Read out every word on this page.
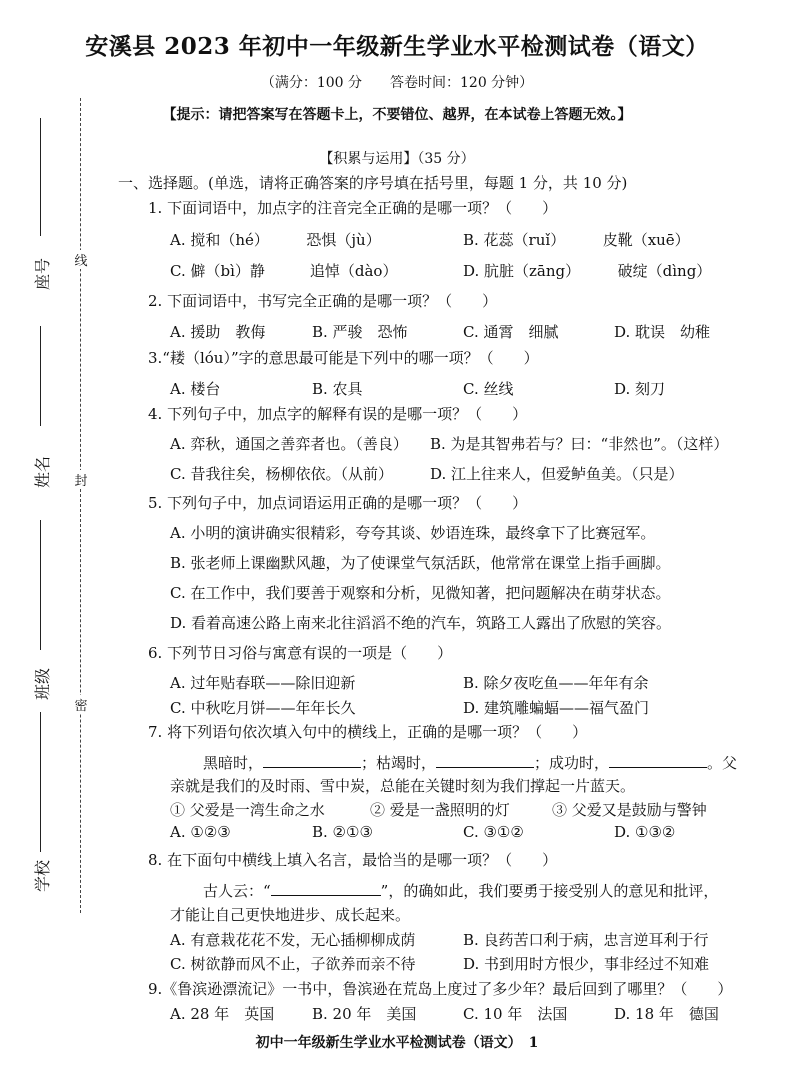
安溪县 2023 年初中一年级新生学业水平检测试卷（语文）
（满分：100 分　　答卷时间：120 分钟）
【提示：请把答案写在答题卡上，不要错位、越界，在本试卷上答题无效。】
线
封
密
座号
姓名
班级
学校
【积累与运用】（35 分）
一、选择题。(单选，请将正确答案的序号填在括号里，每题 1 分，共 10 分)
1. 下面词语中，加点字的注音完全正确的是哪一项？（　　）
A. 搅和（hé）　　　恐惧（jù）	B. 花蕊（ruǐ）　　　皮靴（xuē）
C. 僻（bì）静　　　追悼（dào）	D. 肮脏（zāng）　　　破绽（dìng）
2. 下面词语中，书写完全正确的是哪一项？（　　）
A. 援助　教侮	B. 严骏　恐怖	C. 通霄　细腻	D. 耽误　幼稚
3.“耧（lóu）”字的意思最可能是下列中的哪一项？（　　）
A. 楼台	B. 农具	C. 丝线	D. 刻刀
4. 下列句子中，加点字的解释有误的是哪一项？（　　）
A. 弈秋，通国之善弈者也。（善良） B. 为是其智弗若与？曰：“非然也”。（这样）
C. 昔我往矣，杨柳依依。（从前） D. 江上往来人，但爱鲈鱼美。（只是）
5. 下列句子中，加点词语运用正确的是哪一项？（　　）
A. 小明的演讲确实很精彩，夸夸其谈、妙语连珠，最终拿下了比赛冠军。
B. 张老师上课幽默风趣，为了使课堂气氛活跃，他常常在课堂上指手画脚。
C. 在工作中，我们要善于观察和分析，见微知著，把问题解决在萌芽状态。
D. 看着高速公路上南来北往滔滔不绝的汽车，筑路工人露出了欣慰的笑容。
6. 下列节日习俗与寓意有误的一项是（　　）
A. 过年贴春联——除旧迎新	B. 除夕夜吃鱼——年年有余
C. 中秋吃月饼——年年长久	D. 建筑雕蝙蝠——福气盈门
7. 将下列语句依次填入句中的横线上，正确的是哪一项？（　　）
黑暗时，	；枯竭时，	；成功时，	。父
亲就是我们的及时雨、雪中炭，总能在关键时刻为我们撑起一片蓝天。
① 父爱是一湾生命之水	② 爱是一盏照明的灯	③ 父爱又是鼓励与警钟
A. ①②③	B. ②①③	C. ③①②	D. ①③②
8. 在下面句中横线上填入名言，最恰当的是哪一项？（　　）
古人云：“	”，的确如此，我们要勇于接受别人的意见和批评，
才能让自己更快地进步、成长起来。
A. 有意栽花花不发，无心插柳柳成荫	B. 良药苦口利于病，忠言逆耳利于行
C. 树欲静而风不止，子欲养而亲不待	D. 书到用时方恨少，事非经过不知难
9.《鲁滨逊漂流记》一书中，鲁滨逊在荒岛上度过了多少年？最后回到了哪里？（　　）
A. 28 年　英国	B. 20 年　美国	C. 10 年　法国	D. 18 年　德国
初中一年级新生学业水平检测试卷（语文）　1
